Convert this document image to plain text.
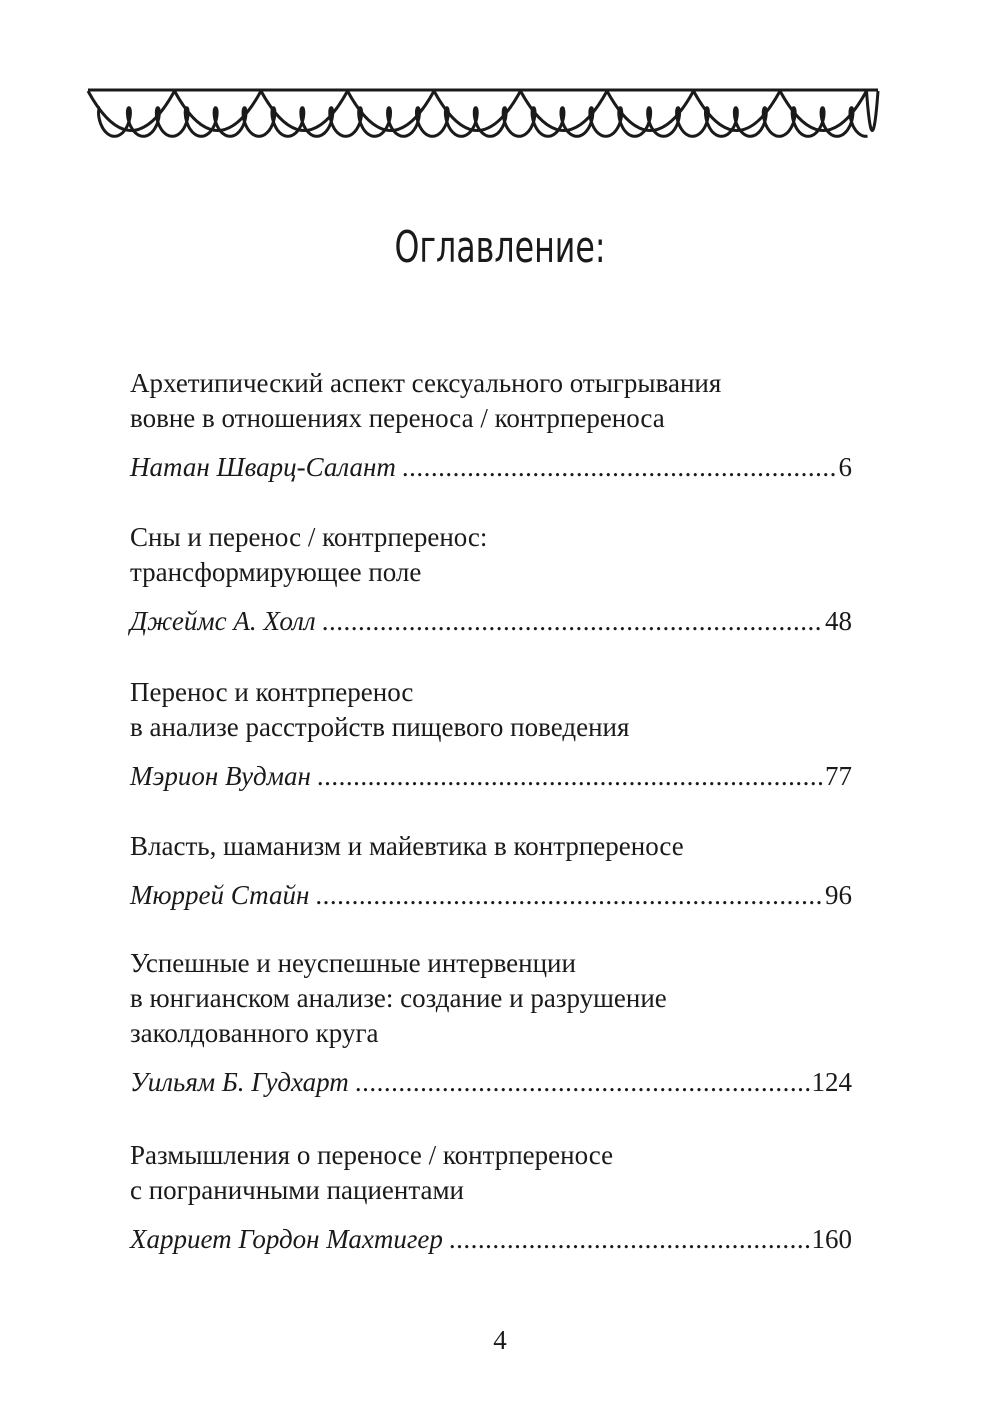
Оглавление:
Архетипический аспект сексуального отыгрывания
вовне в отношениях переноса / контрпереноса
Натан Шварц-Салант .....	6
Сны и перенос / контрперенос:
трансформирующее поле
Джеймс А. Холл .....	48
Перенос и контрперенос
в анализе расстройств пищевого поведения
Мэрион Вудман .....	77
Власть, шаманизм и майевтика в контрпереносе
Мюррей Стайн .....	96
Успешные и неуспешные интервенции
в юнгианском анализе: создание и разрушение
заколдованного круга
Уильям Б. Гудхарт .....	124
Размышления о переносе / контрпереносе
с пограничными пациентами
Харриет Гордон Махтигер .....	160
4
